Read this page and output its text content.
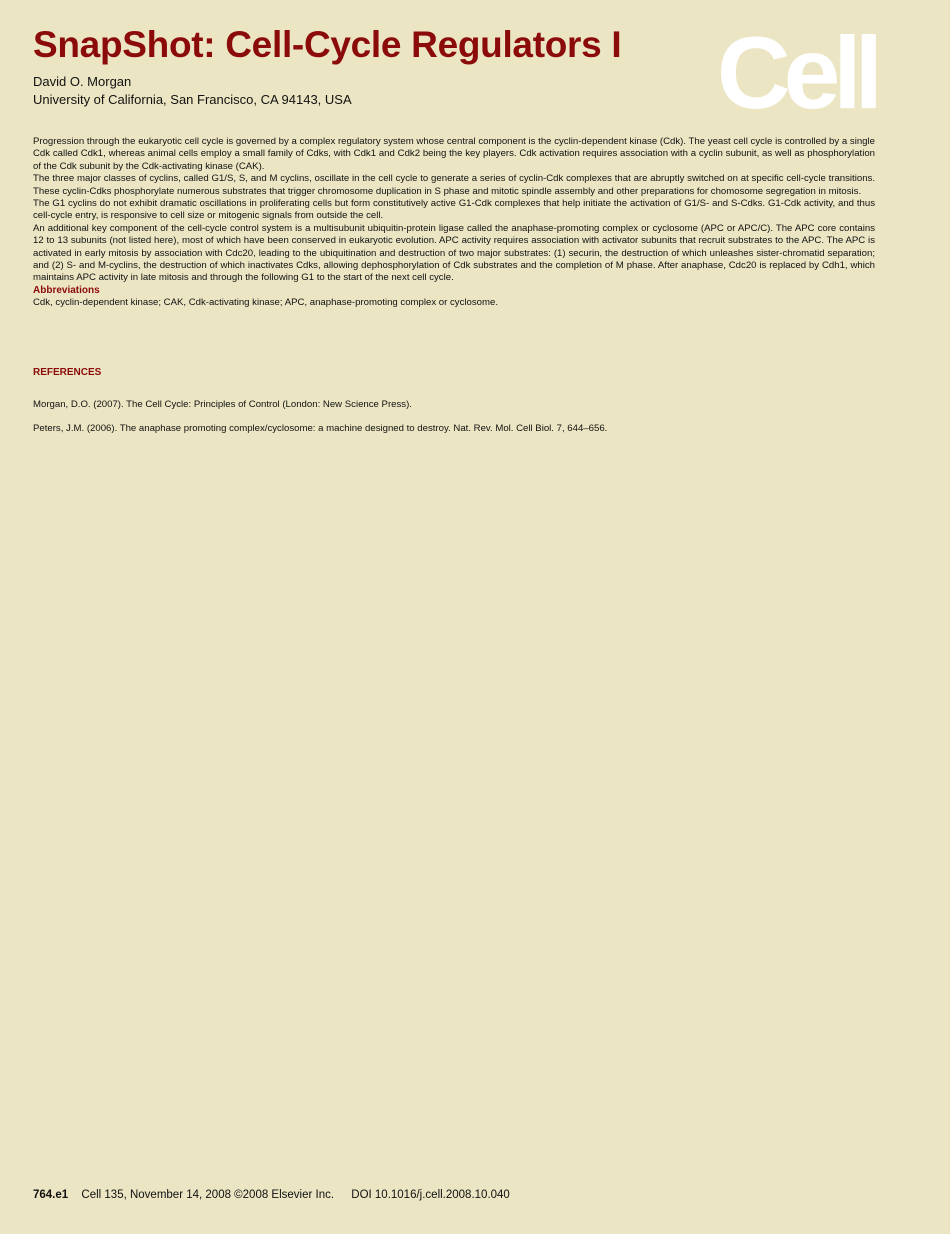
SnapShot: Cell-Cycle Regulators I
David O. Morgan
University of California, San Francisco, CA 94143, USA	Cell

Progression through the eukaryotic cell cycle is governed by a complex regulatory system whose central component is the cyclin-dependent kinase (Cdk). The yeast cell cycle is controlled by a single Cdk called Cdk1, whereas animal cells employ a small family of Cdks, with Cdk1 and Cdk2 being the key players. Cdk activation requires association with a cyclin subunit, as well as phosphorylation of the Cdk subunit by the Cdk-activating kinase (CAK).

The three major classes of cyclins, called G1/S, S, and M cyclins, oscillate in the cell cycle to generate a series of cyclin-Cdk complexes that are abruptly switched on at specific cell-cycle transitions. These cyclin-Cdks phosphorylate numerous substrates that trigger chromosome duplication in S phase and mitotic spindle assembly and other preparations for chomosome segregation in mitosis.

The G1 cyclins do not exhibit dramatic oscillations in proliferating cells but form constitutively active G1-Cdk complexes that help initiate the activation of G1/S- and S-Cdks. G1-Cdk activity, and thus cell-cycle entry, is responsive to cell size or mitogenic signals from outside the cell.

An additional key component of the cell-cycle control system is a multisubunit ubiquitin-protein ligase called the anaphase-promoting complex or cyclosome (APC or APC/C). The APC core contains 12 to 13 subunits (not listed here), most of which have been conserved in eukaryotic evolution. APC activity requires association with activator subunits that recruit substrates to the APC. The APC is activated in early mitosis by association with Cdc20, leading to the ubiquitination and destruction of two major substrates: (1) securin, the destruction of which unleashes sister-chromatid separation; and (2) S- and M-cyclins, the destruction of which inactivates Cdks, allowing dephosphorylation of Cdk substrates and the completion of M phase. After anaphase, Cdc20 is replaced by Cdh1, which maintains APC activity in late mitosis and through the following G1 to the start of the next cell cycle.

Abbreviations

Cdk, cyclin-dependent kinase; CAK, Cdk-activating kinase; APC, anaphase-promoting complex or cyclosome.

REFERENCES
Morgan, D.O. (2007). The Cell Cycle: Principles of Control (London: New Science Press).
Peters, J.M. (2006). The anaphase promoting complex/cyclosome: a machine designed to destroy. Nat. Rev. Mol. Cell Biol. 7, 644–656.
764.e1 Cell 135, November 14, 2008 ©2008 Elsevier Inc. DOI 10.1016/j.cell.2008.10.040
